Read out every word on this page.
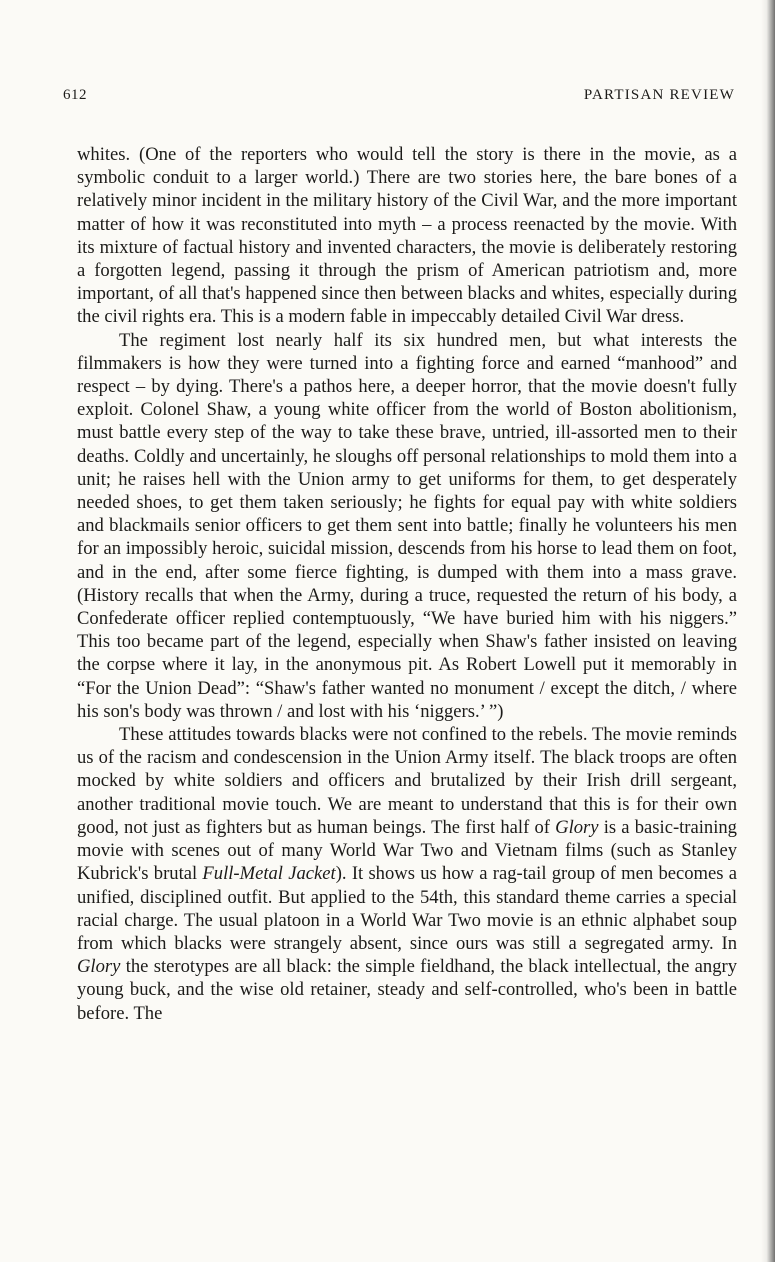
612	PARTISAN REVIEW

whites. (One of the reporters who would tell the story is there in the movie, as a symbolic conduit to a larger world.) There are two stories here, the bare bones of a relatively minor incident in the military history of the Civil War, and the more important matter of how it was reconstituted into myth – a process reenacted by the movie. With its mixture of factual history and invented characters, the movie is deliberately restoring a forgotten legend, passing it through the prism of American patriotism and, more important, of all that's happened since then between blacks and whites, especially during the civil rights era. This is a modern fable in impeccably detailed Civil War dress.

The regiment lost nearly half its six hundred men, but what interests the filmmakers is how they were turned into a fighting force and earned “manhood” and respect – by dying. There's a pathos here, a deeper horror, that the movie doesn't fully exploit. Colonel Shaw, a young white officer from the world of Boston abolitionism, must battle every step of the way to take these brave, untried, ill-assorted men to their deaths. Coldly and uncertainly, he sloughs off personal relationships to mold them into a unit; he raises hell with the Union army to get uniforms for them, to get desperately needed shoes, to get them taken seriously; he fights for equal pay with white soldiers and blackmails senior officers to get them sent into battle; finally he volunteers his men for an impossibly heroic, suicidal mission, descends from his horse to lead them on foot, and in the end, after some fierce fighting, is dumped with them into a mass grave. (History recalls that when the Army, during a truce, requested the return of his body, a Confederate officer replied contemptuously, “We have buried him with his niggers.” This too became part of the legend, especially when Shaw's father insisted on leaving the corpse where it lay, in the anonymous pit. As Robert Lowell put it memorably in “For the Union Dead”: “Shaw's father wanted no monument / except the ditch, / where his son's body was thrown / and lost with his ‘niggers.’ ”)

These attitudes towards blacks were not confined to the rebels. The movie reminds us of the racism and condescension in the Union Army itself. The black troops are often mocked by white soldiers and officers and brutalized by their Irish drill sergeant, another traditional movie touch. We are meant to understand that this is for their own good, not just as fighters but as human beings. The first half of Glory is a basic-training movie with scenes out of many World War Two and Vietnam films (such as Stanley Kubrick's brutal Full-Metal Jacket). It shows us how a rag-tail group of men becomes a unified, disciplined outfit. But applied to the 54th, this standard theme carries a special racial charge. The usual platoon in a World War Two movie is an ethnic alphabet soup from which blacks were strangely absent, since ours was still a segregated army. In Glory the sterotypes are all black: the simple fieldhand, the black intellectual, the angry young buck, and the wise old retainer, steady and self-controlled, who's been in battle before. The
